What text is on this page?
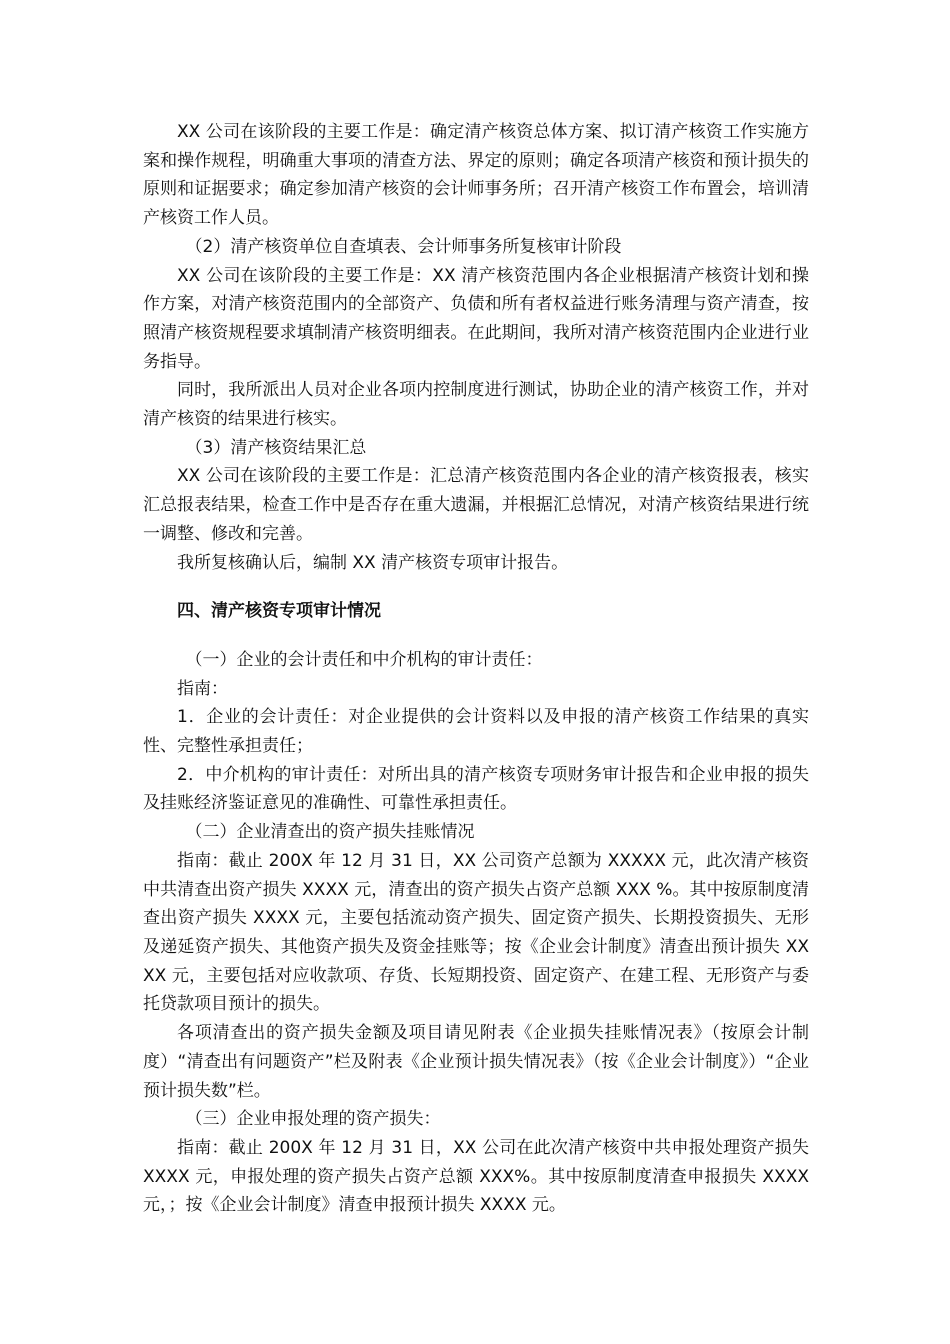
XX 公司在该阶段的主要工作是：确定清产核资总体方案、拟订清产核资工作实施方案和操作规程，明确重大事项的清查方法、界定的原则；确定各项清产核资和预计损失的原则和证据要求；确定参加清产核资的会计师事务所；召开清产核资工作布置会，培训清产核资工作人员。

（2）清产核资单位自查填表、会计师事务所复核审计阶段

XX 公司在该阶段的主要工作是：XX 清产核资范围内各企业根据清产核资计划和操作方案，对清产核资范围内的全部资产、负债和所有者权益进行账务清理与资产清查，按照清产核资规程要求填制清产核资明细表。在此期间，我所对清产核资范围内企业进行业务指导。

同时，我所派出人员对企业各项内控制度进行测试，协助企业的清产核资工作，并对清产核资的结果进行核实。

（3）清产核资结果汇总

XX 公司在该阶段的主要工作是：汇总清产核资范围内各企业的清产核资报表，核实汇总报表结果，检查工作中是否存在重大遗漏，并根据汇总情况，对清产核资结果进行统一调整、修改和完善。

我所复核确认后，编制 XX 清产核资专项审计报告。

四、清产核资专项审计情况

（一）企业的会计责任和中介机构的审计责任：

指南：

1．企业的会计责任：对企业提供的会计资料以及申报的清产核资工作结果的真实性、完整性承担责任；

2．中介机构的审计责任：对所出具的清产核资专项财务审计报告和企业申报的损失及挂账经济鉴证意见的准确性、可靠性承担责任。

（二）企业清查出的资产损失挂账情况

指南：截止 200X 年 12 月 31 日，XX 公司资产总额为 XXXXX 元，此次清产核资中共清查出资产损失 XXXX 元，清查出的资产损失占资产总额 XXX %。其中按原制度清查出资产损失 XXXX 元，主要包括流动资产损失、固定资产损失、长期投资损失、无形及递延资产损失、其他资产损失及资金挂账等；按《企业会计制度》清查出预计损失 XXXX 元，主要包括对应收款项、存货、长短期投资、固定资产、在建工程、无形资产与委托贷款项目预计的损失。

各项清查出的资产损失金额及项目请见附表《企业损失挂账情况表》（按原会计制度）“清查出有问题资产”栏及附表《企业预计损失情况表》（按《企业会计制度》）“企业预计损失数”栏。

（三）企业申报处理的资产损失：

指南：截止 200X 年 12 月 31 日，XX 公司在此次清产核资中共申报处理资产损失 XXXX 元，申报处理的资产损失占资产总额 XXX%。其中按原制度清查申报损失 XXXX 元，；按《企业会计制度》清查申报预计损失 XXXX 元。
